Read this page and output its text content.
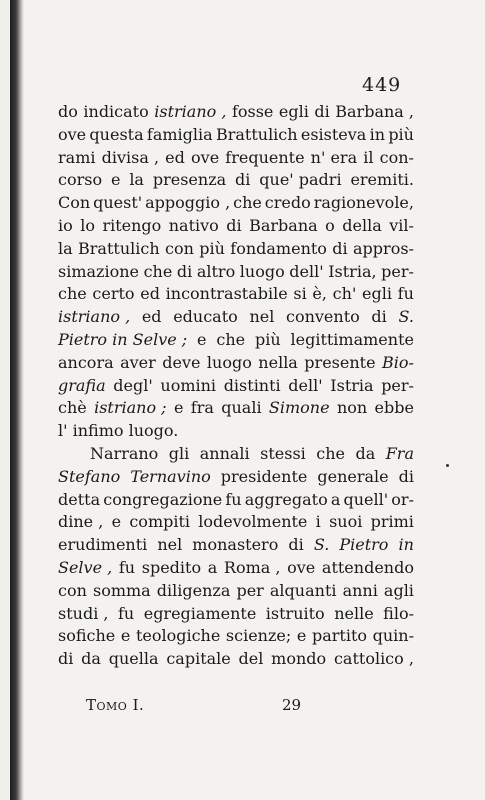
449
do indicato istriano , fosse egli di Barbana ,
ove questa famiglia Brattulich esisteva in più
rami divisa , ed ove frequente n' era il con-
corso e la presenza di que' padri eremiti.
Con quest' appoggio , che credo ragionevole,
io lo ritengo nativo di Barbana o della vil-
la Brattulich con più fondamento di appros-
simazione che di altro luogo dell' Istria, per-
che certo ed incontrastabile si è, ch' egli fu
istriano , ed educato nel convento di S.
Pietro in Selve ; e che più legittimamente
ancora aver deve luogo nella presente Bio-
grafia degl' uomini distinti dell' Istria per-
chè istriano ; e fra quali Simone non ebbe
l' infimo luogo.
Narrano gli annali stessi che da Fra
Stefano Ternavino presidente generale di
detta congregazione fu aggregato a quell' or-
dine , e compiti lodevolmente i suoi primi
erudimenti nel monastero di S. Pietro in
Selve , fu spedito a Roma , ove attendendo
con somma diligenza per alquanti anni agli
studi , fu egregiamente istruito nelle filo-
sofiche e teologiche scienze; e partito quin-
di da quella capitale del mondo cattolico ,
Tomo I.	29
